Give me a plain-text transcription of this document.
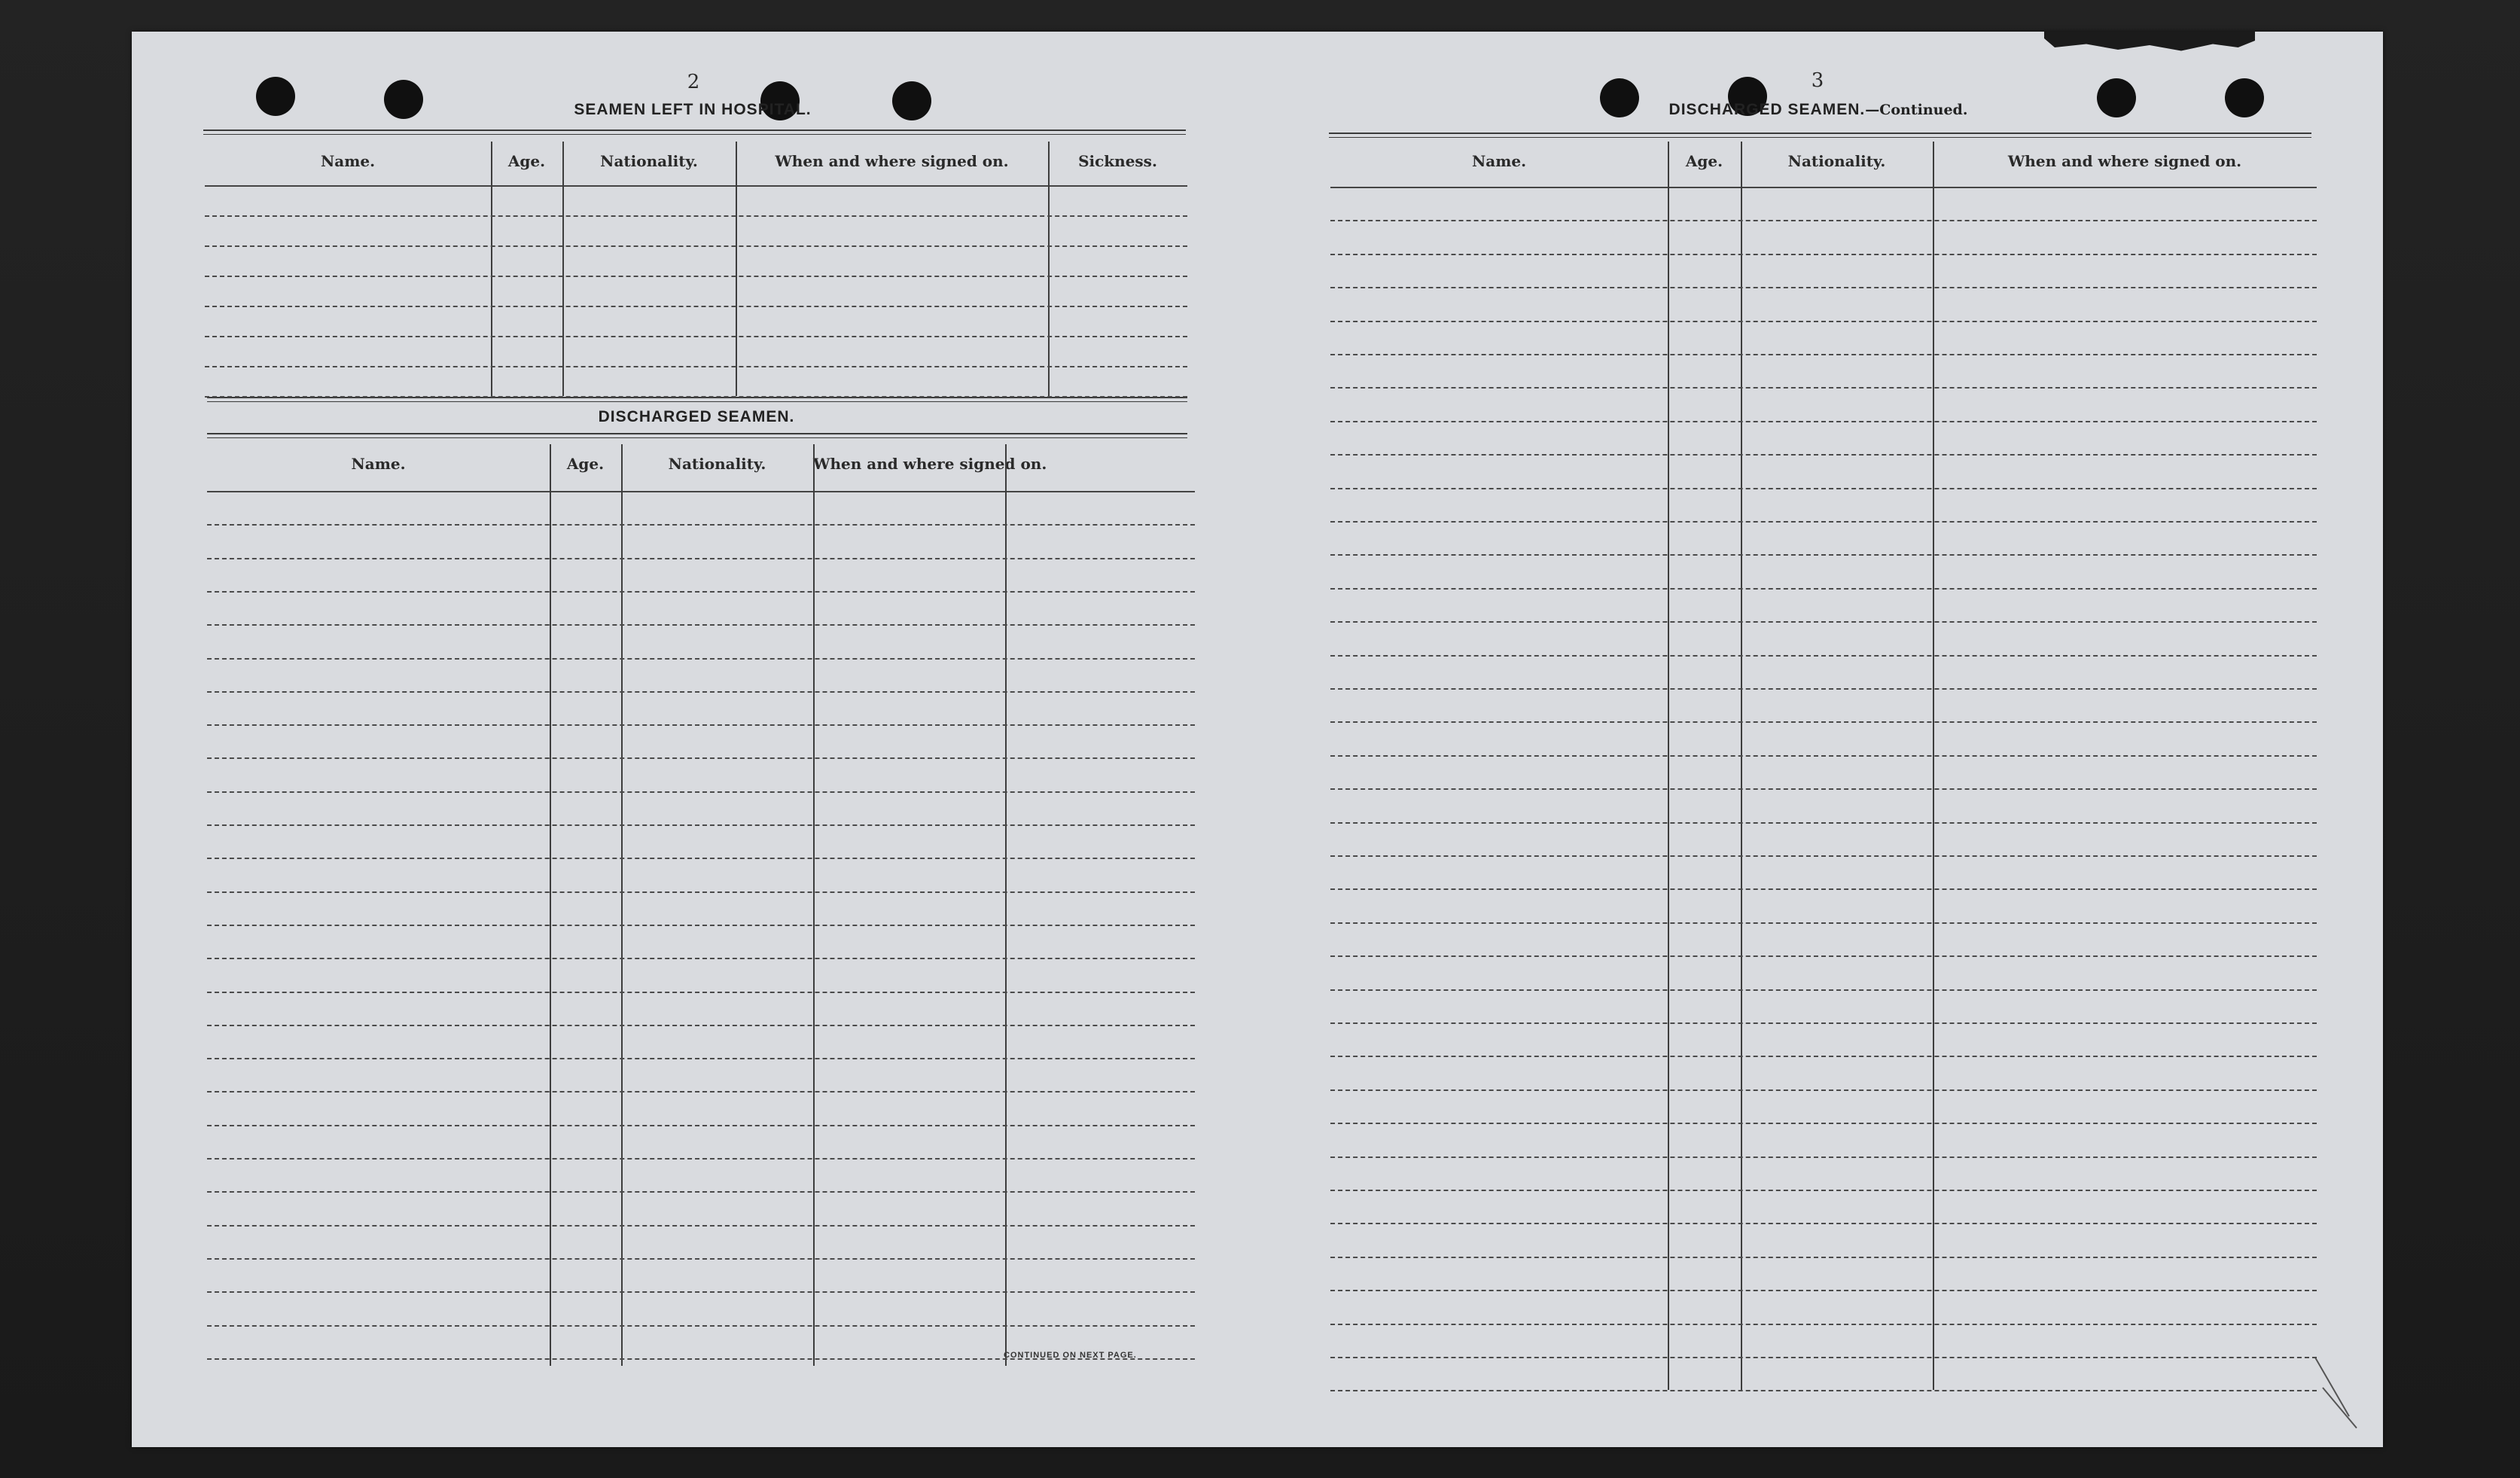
2
SEAMEN LEFT IN HOSPITAL.
DISCHARGED SEAMEN.
CONTINUED ON NEXT PAGE.
3
DISCHARGED SEAMEN.—Continued.
Name.	Age.	Nationality.	When and where signed on.	Sickness.
Name.	Age.	Nationality.	When and where signed on.
Name.	Age.	Nationality.	When and where signed on.
